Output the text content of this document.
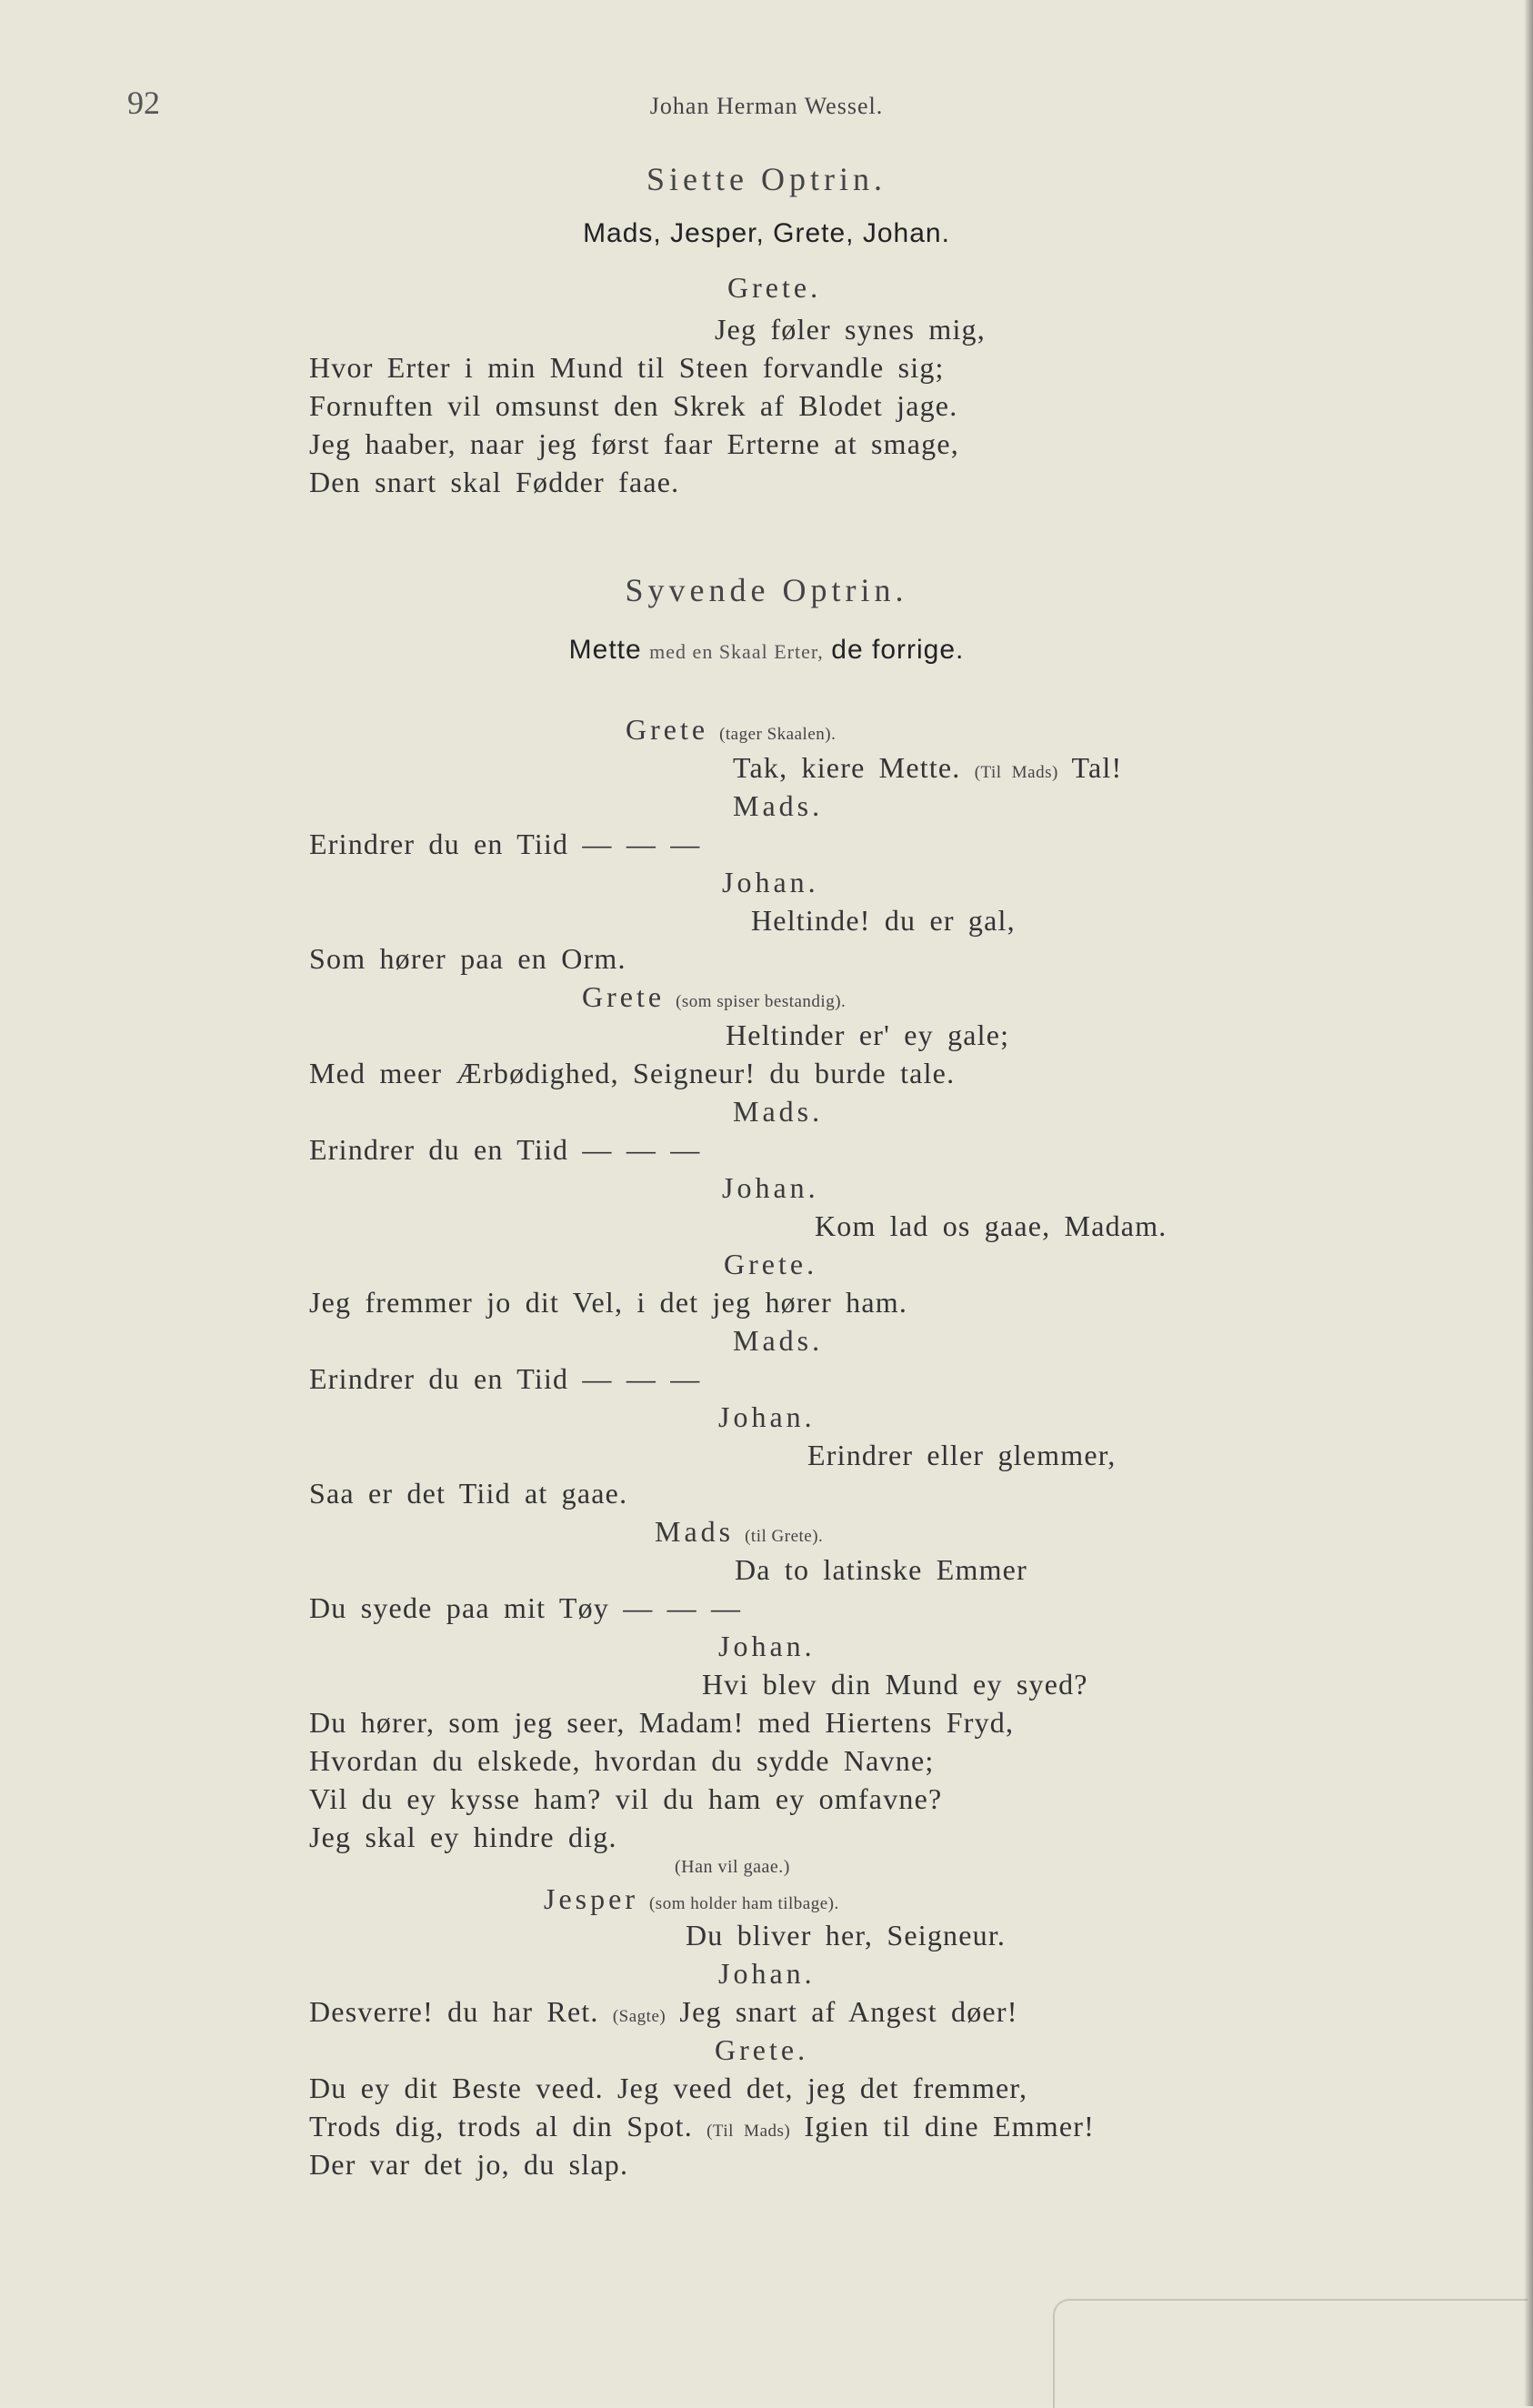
92	Johan Herman Wessel.
Siette Optrin.
Mads, Jesper, Grete, Johan.
Grete.
Jeg føler synes mig,
Hvor Erter i min Mund til Steen forvandle sig;
Fornuften vil omsunst den Skrek af Blodet jage.
Jeg haaber, naar jeg først faar Erterne at smage,
Den snart skal Fødder faae.
Syvende Optrin.
Mette med en Skaal Erter, de forrige.
Grete (tager Skaalen).
Tak, kiere Mette. (Til Mads) Tal!
Mads.
Erindrer du en Tiid — — —
Johan.
Heltinde! du er gal,
Som hører paa en Orm.
Grete (som spiser bestandig).
Heltinder er' ey gale;
Med meer Ærbødighed, Seigneur! du burde tale.
Mads.
Erindrer du en Tiid — — —
Johan.
Kom lad os gaae, Madam.
Grete.
Jeg fremmer jo dit Vel, i det jeg hører ham.
Mads.
Erindrer du en Tiid — — —
Johan.
Erindrer eller glemmer,
Saa er det Tiid at gaae.
Mads (til Grete).
Da to latinske Emmer
Du syede paa mit Tøy — — —
Johan.
Hvi blev din Mund ey syed?
Du hører, som jeg seer, Madam! med Hiertens Fryd,
Hvordan du elskede, hvordan du sydde Navne;
Vil du ey kysse ham? vil du ham ey omfavne?
Jeg skal ey hindre dig.
(Han vil gaae.)
Jesper (som holder ham tilbage).
Du bliver her, Seigneur.
Johan.
Desverre! du har Ret. (Sagte) Jeg snart af Angest døer!
Grete.
Du ey dit Beste veed. Jeg veed det, jeg det fremmer,
Trods dig, trods al din Spot. (Til Mads) Igien til dine Emmer!
Der var det jo, du slap.
